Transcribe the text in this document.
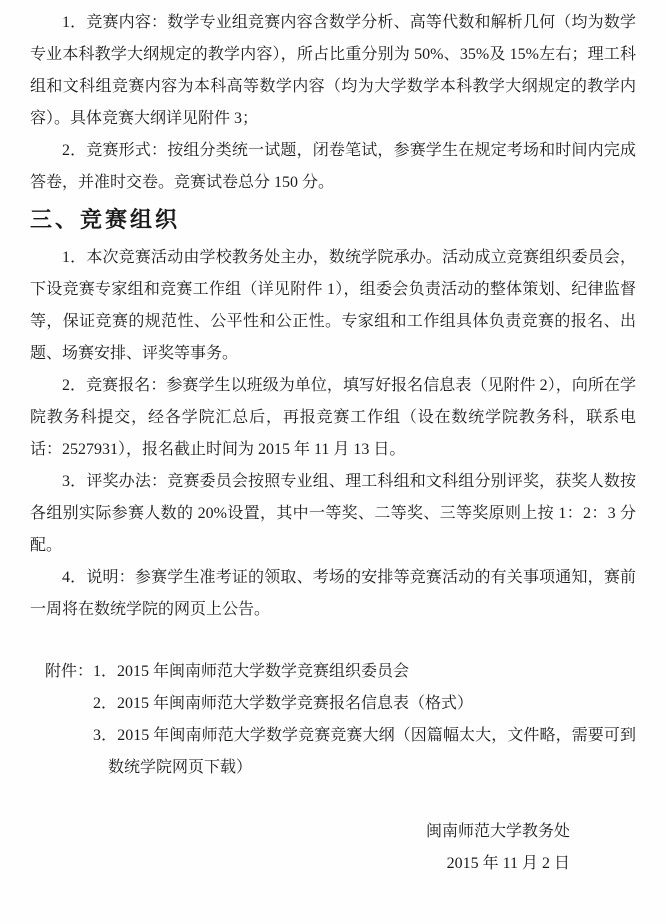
1．竞赛内容：数学专业组竞赛内容含数学分析、高等代数和解析几何（均为数学专业本科教学大纲规定的教学内容），所占比重分别为 50%、35%及 15%左右；理工科组和文科组竞赛内容为本科高等数学内容（均为大学数学本科教学大纲规定的教学内容）。具体竞赛大纲详见附件 3；

2．竞赛形式：按组分类统一试题，闭卷笔试，参赛学生在规定考场和时间内完成答卷，并准时交卷。竞赛试卷总分 150 分。

三、竞赛组织

1．本次竞赛活动由学校教务处主办，数统学院承办。活动成立竞赛组织委员会，下设竞赛专家组和竞赛工作组（详见附件 1），组委会负责活动的整体策划、纪律监督等，保证竞赛的规范性、公平性和公正性。专家组和工作组具体负责竞赛的报名、出题、场赛安排、评奖等事务。

2．竞赛报名：参赛学生以班级为单位，填写好报名信息表（见附件 2），向所在学院教务科提交，经各学院汇总后，再报竞赛工作组（设在数统学院教务科，联系电话：2527931），报名截止时间为 2015 年 11 月 13 日。

3．评奖办法：竞赛委员会按照专业组、理工科组和文科组分别评奖，获奖人数按各组别实际参赛人数的 20%设置，其中一等奖、二等奖、三等奖原则上按 1：2：3 分配。

4．说明：参赛学生准考证的领取、考场的安排等竞赛活动的有关事项通知，赛前一周将在数统学院的网页上公告。

附件： 1．2015 年闽南师范大学数学竞赛组织委员会

2．2015 年闽南师范大学数学竞赛报名信息表（格式）

3．2015 年闽南师范大学数学竞赛竞赛大纲（因篇幅太大，文件略，需要可到数统学院网页下载）

闽南师范大学教务处

2015 年 11 月 2 日
